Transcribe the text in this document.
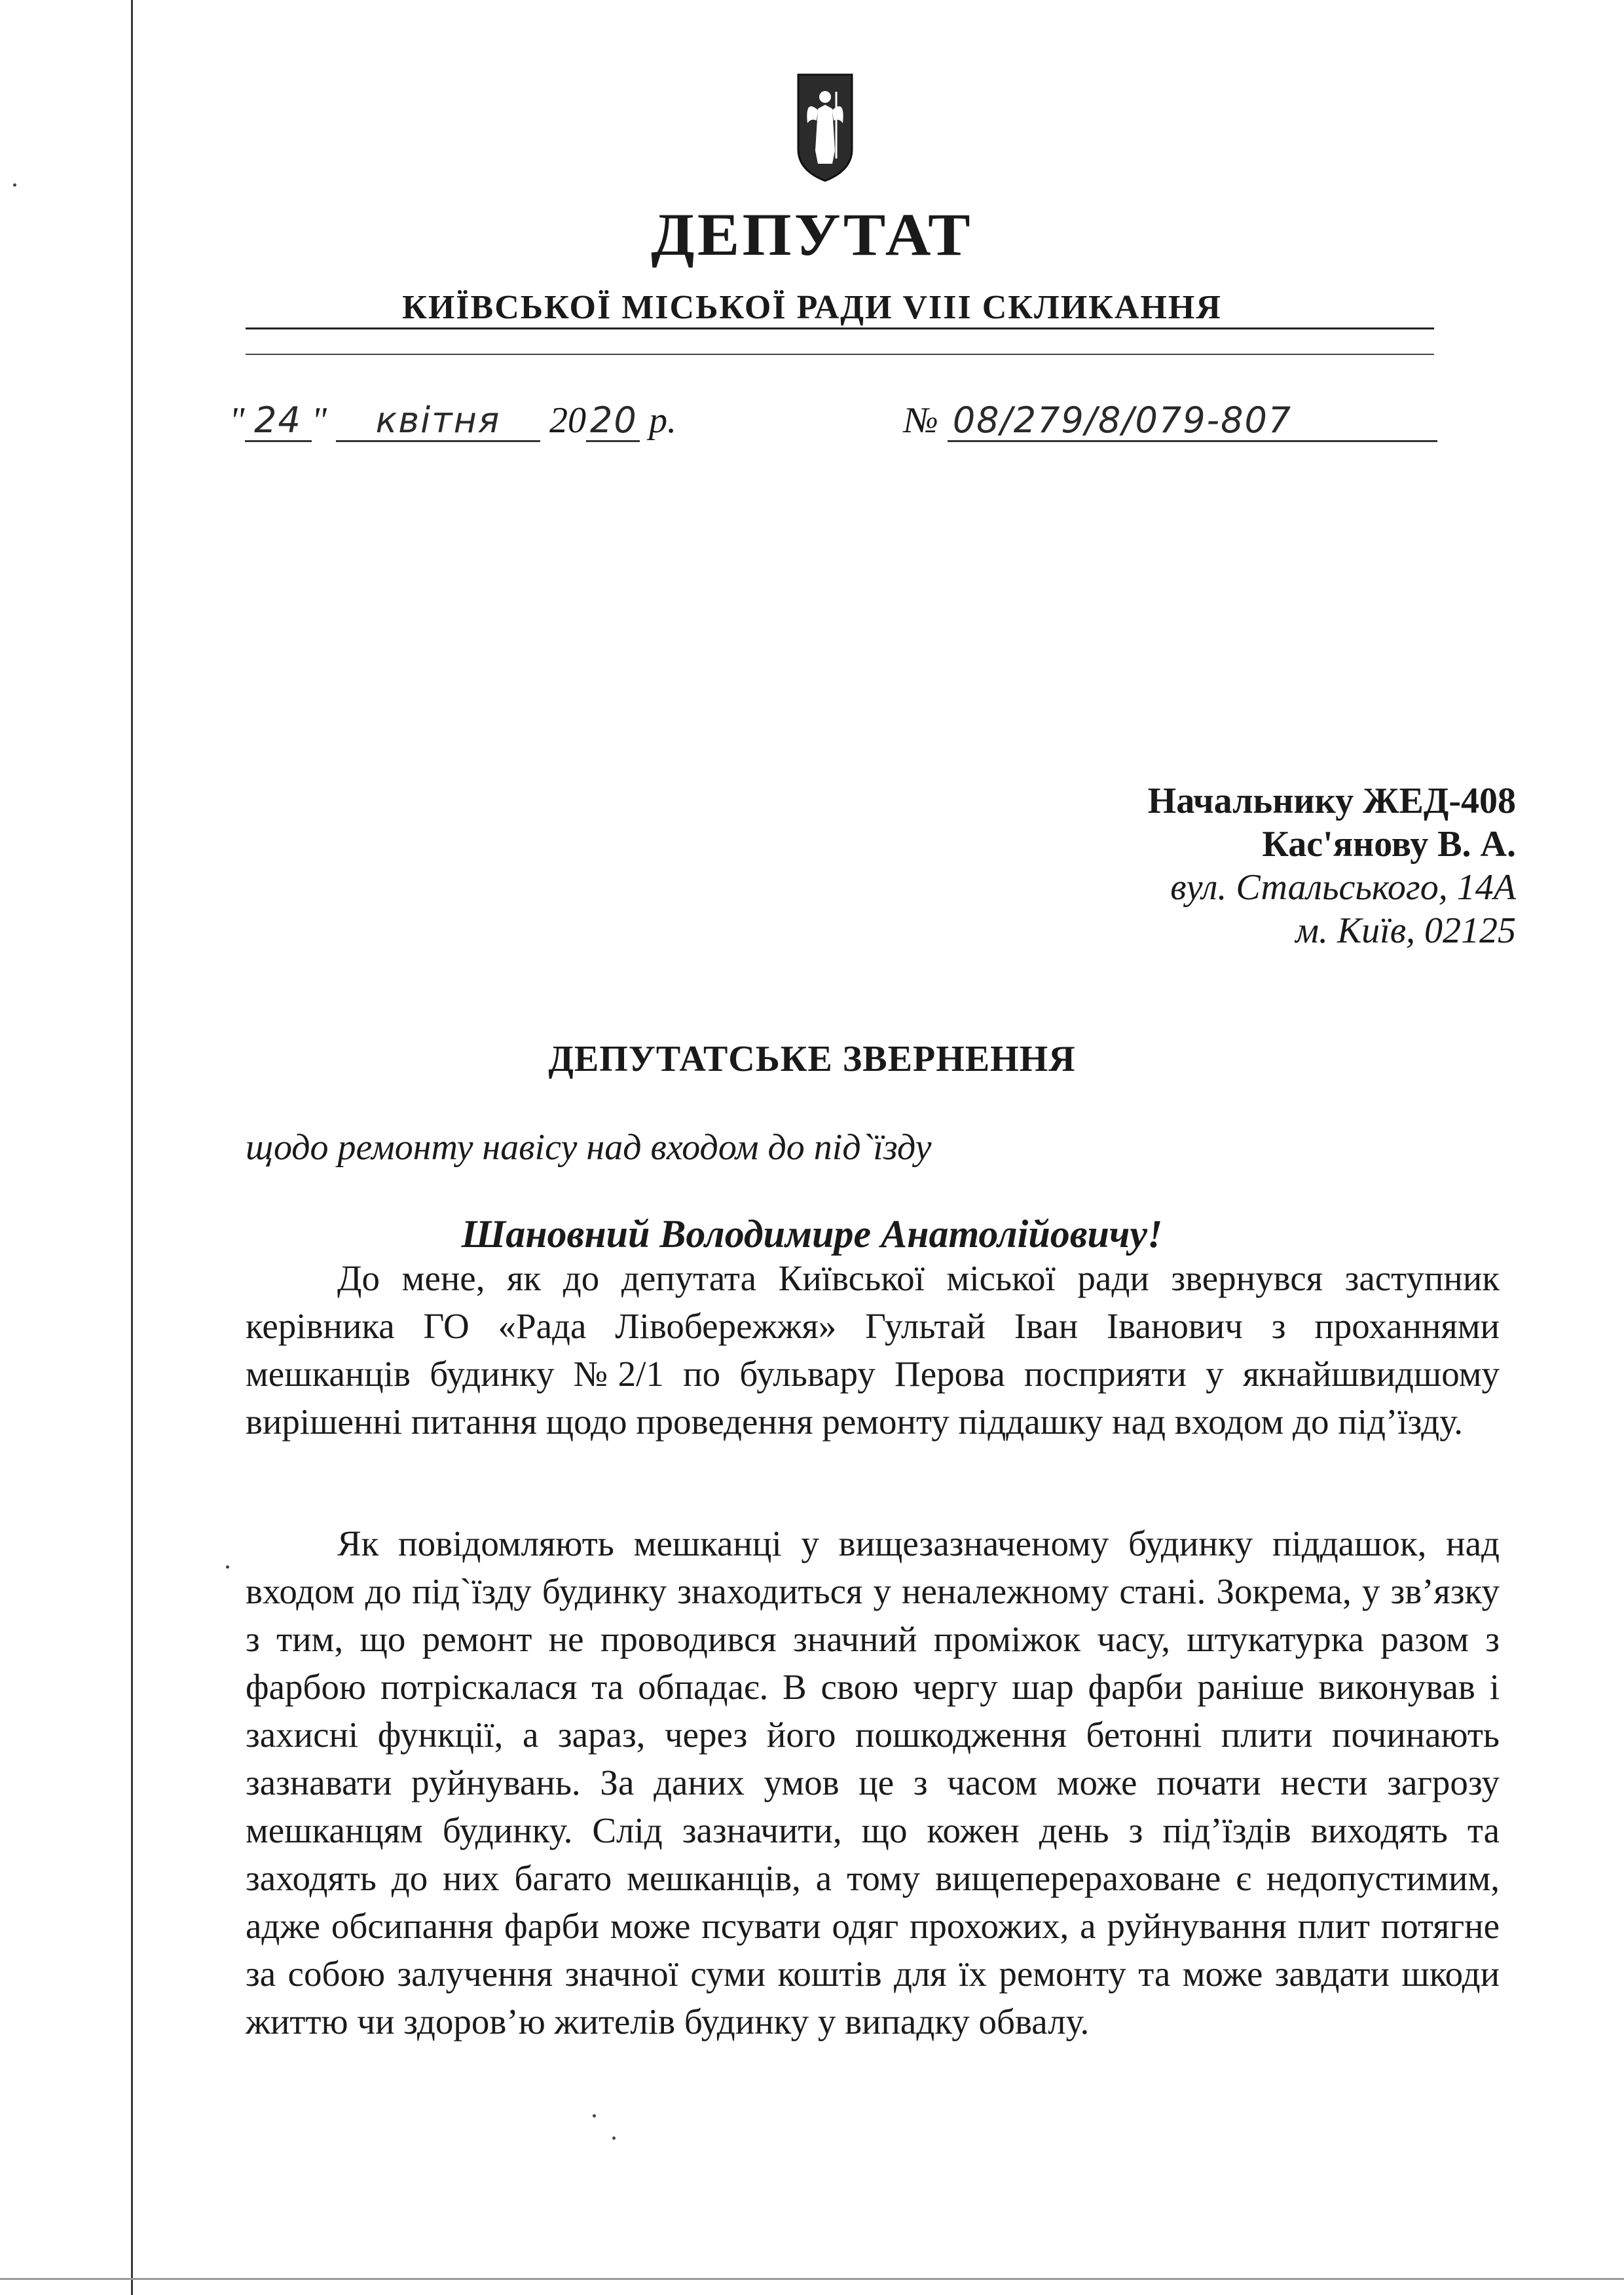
ДЕПУТАТ
КИЇВСЬКОЇ МІСЬКОЇ РАДИ VIII СКЛИКАННЯ
" 24 " квітня 20 20 р.	№ 08/279/8/079-807
Начальнику ЖЕД-408
Кас'янову В. А.
вул. Стальського, 14А
м. Київ, 02125
ДЕПУТАТСЬКЕ ЗВЕРНЕННЯ
щодо ремонту навісу над входом до під`їзду
Шановний Володимире Анатолійовичу!

До мене, як до депутата Київської міської ради звернувся заступник керівника ГО «Рада Лівобережжя» Гультай Іван Іванович з проханнями мешканців будинку №2/1 по бульвару Перова посприяти у якнайшвидшому вирішенні питання щодо проведення ремонту піддашку над входом до під’їзду.

Як повідомляють мешканці у вищезазначеному будинку піддашок, над входом до під`їзду будинку знаходиться у неналежному стані. Зокрема, у зв’язку з тим, що ремонт не проводився значний проміжок часу, штукатурка разом з фарбою потріскалася та обпадає. В свою чергу шар фарби раніше виконував і захисні функції, а зараз, через його пошкодження бетонні плити починають зазнавати руйнувань. За даних умов це з часом може почати нести загрозу мешканцям будинку. Слід зазначити, що кожен день з під’їздів виходять та заходять до них багато мешканців, а тому вищеперераховане є недопустимим, адже обсипання фарби може псувати одяг прохожих, а руйнування плит потягне за собою залучення значної суми коштів для їх ремонту та може завдати шкоди життю чи здоров’ю жителів будинку у випадку обвалу.
